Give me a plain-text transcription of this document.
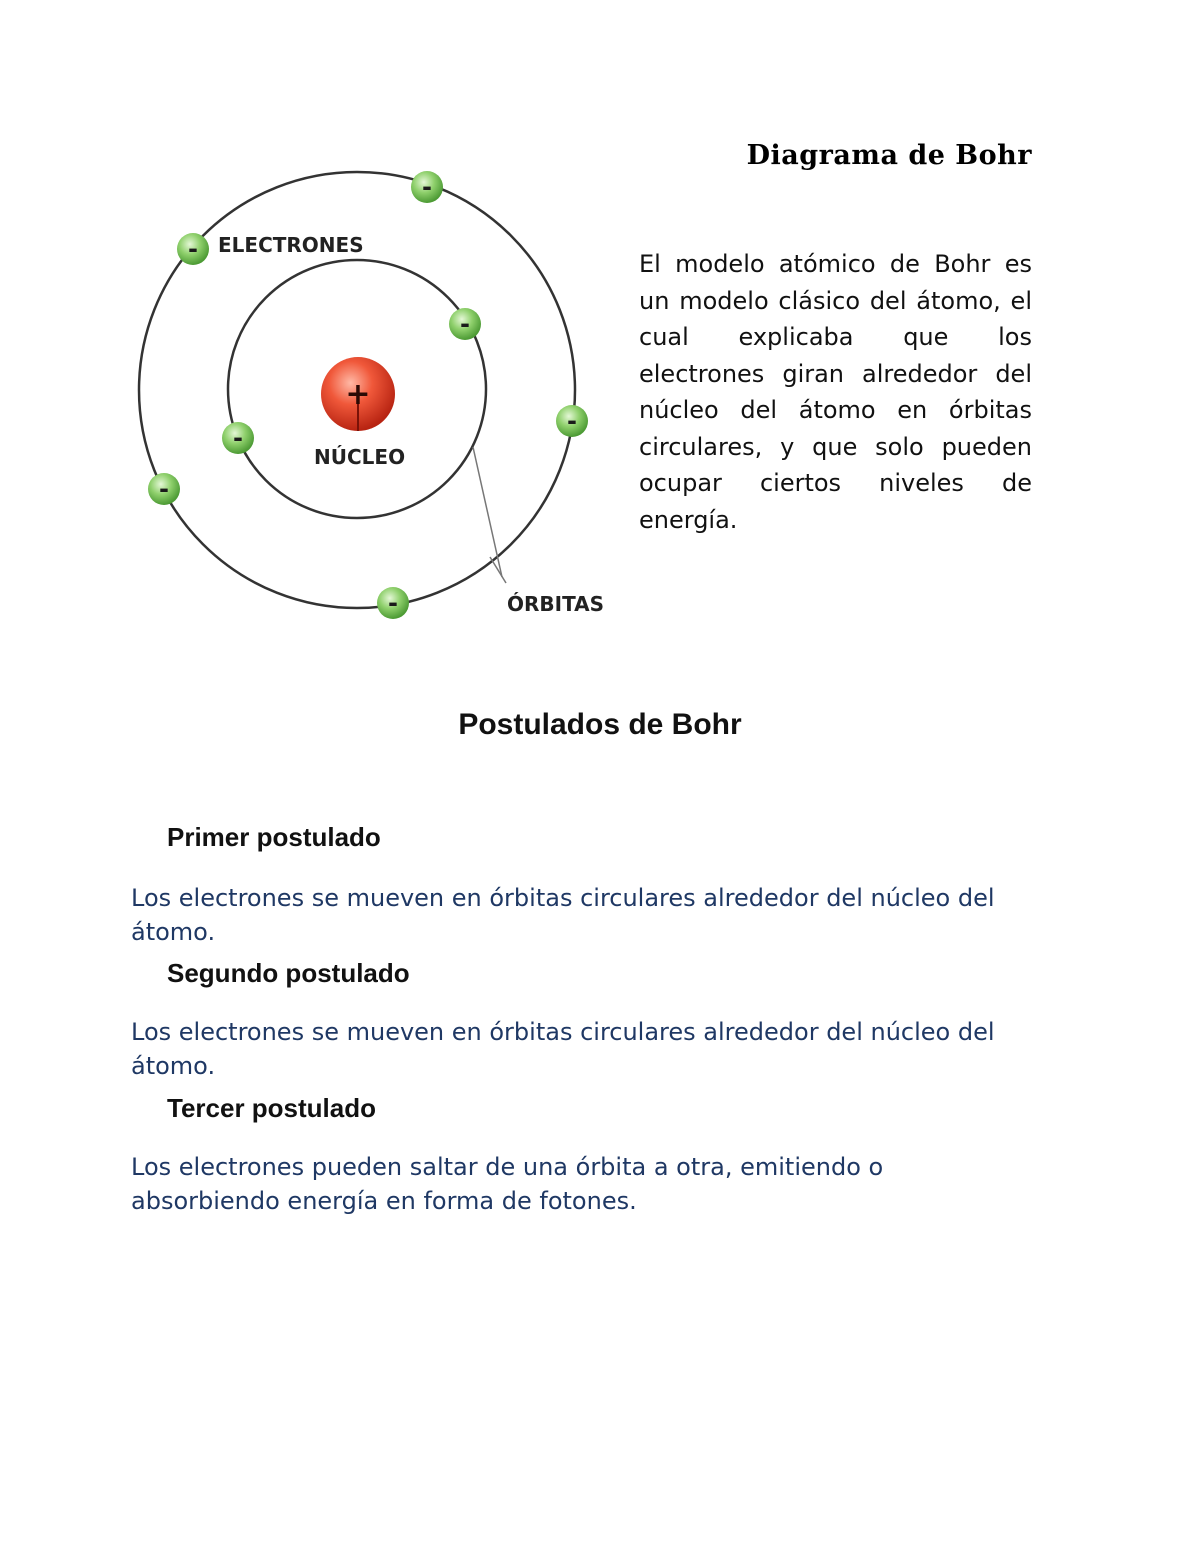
+
-
-
-
-
-
-
-
ELECTRONES
NÚCLEO
ÓRBITAS
Diagrama de Bohr

El modelo atómico de Bohr es un modelo clásico del átomo, el cual explicaba que los electrones giran alrededor del núcleo del átomo en órbitas circulares, y que solo pueden ocupar ciertos niveles de energía.

Postulados de Bohr
Primer postulado

Los electrones se mueven en órbitas circulares alrededor del núcleo del átomo.

Segundo postulado

Los electrones se mueven en órbitas circulares alrededor del núcleo del átomo.

Tercer postulado

Los electrones pueden saltar de una órbita a otra, emitiendo o absorbiendo energía en forma de fotones.
